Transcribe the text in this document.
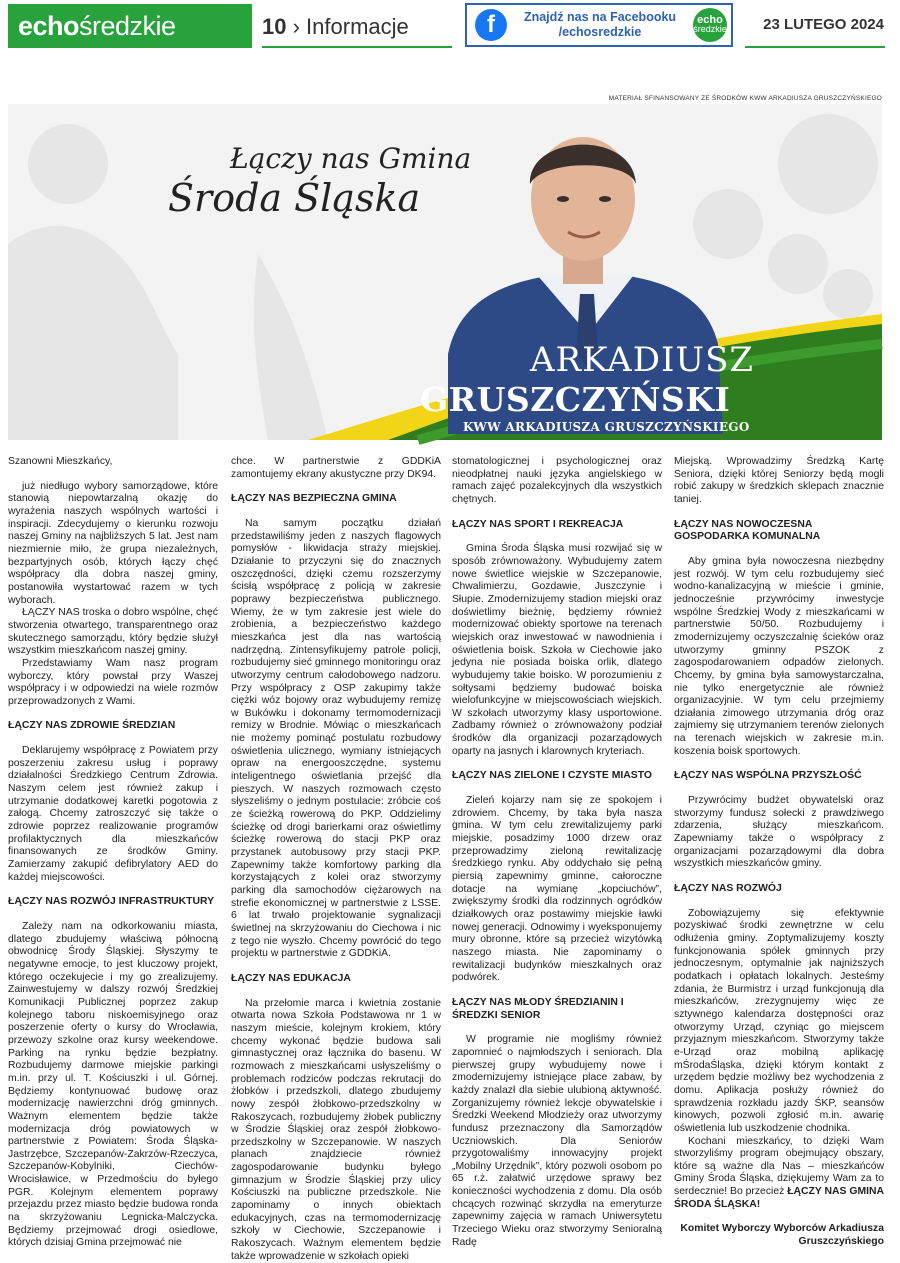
echo średzkie	10 › Informacje	f	Znajdź nas na Facebooku
/echosredzkie
echo
średzkie 23 LUTEGO 2024
MATERIAŁ SFINANSOWANY ZE ŚRODKÓW KWW ARKADIUSZA GRUSZCZYŃSKIEGO
Łączy nas Gmina
Środa Śląska
ARKADIUSZ
GRUSZCZYŃSKI
KWW ARKADIUSZA GRUSZCZYŃSKIEGO

Szanowni Mieszkańcy,

już niedługo wybory samorządowe, które stanowią niepowtarzalną okazję do wyrażenia naszych wspólnych wartości i inspiracji. Zdecydujemy o kierunku rozwoju naszej Gminy na najbliższych 5 lat. Jest nam niezmiernie miło, że grupa niezależnych, bezpartyjnych osób, których łączy chęć współpracy dla dobra naszej gminy, postanowiła wystartować razem w tych wyborach.

ŁĄCZY NAS troska o dobro wspólne, chęć stworzenia otwartego, transparentnego oraz skutecznego samorządu, który będzie służył wszystkim mieszkańcom naszej gminy.

Przedstawiamy Wam nasz program wyborczy, który powstał przy Waszej współpracy i w odpowiedzi na wiele rozmów przeprowadzonych z Wami.

ŁĄCZY NAS ZDROWIE ŚREDZIAN

Deklarujemy współpracę z Powiatem przy poszerzeniu zakresu usług i poprawy działalności Średzkiego Centrum Zdrowia. Naszym celem jest również zakup i utrzymanie dodatkowej karetki pogotowia z załogą. Chcemy zatroszczyć się także o zdrowie poprzez realizowanie programów profilaktycznych dla mieszkańców finansowanych ze środków Gminy. Zamierzamy zakupić defibrylatory AED do każdej miejscowości.

ŁĄCZY NAS ROZWÓJ INFRASTRUKTURY

Zależy nam na odkorkowaniu miasta, dlatego zbudujemy właściwą północną obwodnicę Środy Śląskiej. Słyszymy te negatywne emocje, to jest kluczowy projekt, którego oczekujecie i my go zrealizujemy. Zainwestujemy w dalszy rozwój Średzkiej Komunikacji Publicznej poprzez zakup kolejnego taboru niskoemisyjnego oraz poszerzenie oferty o kursy do Wrocławia, przewozy szkolne oraz kursy weekendowe. Parking na rynku będzie bezpłatny. Rozbudujemy darmowe miejskie parkingi m.in. przy ul. T. Kościuszki i ul. Górnej. Będziemy kontynuować budowę oraz modernizację nawierzchni dróg gminnych. Ważnym elementem będzie także modernizacja dróg powiatowych w partnerstwie z Powiatem: Środa Śląska-Jastrzębce, Szczepanów-Zakrzów-Rzeczyca, Szczepanów-Kobylniki, Ciechów-Wrocisławice, w Przedmościu do byłego PGR. Kolejnym elementem poprawy przejazdu przez miasto będzie budowa ronda na skrzyżowaniu Legnicka-Malczycka. Będziemy przejmować drogi osiedlowe, których dzisiaj Gmina przejmować nie

chce. W partnerstwie z GDDKiA zamontujemy ekrany akustyczne przy DK94.

ŁĄCZY NAS BEZPIECZNA GMINA

Na samym początku działań przedstawiliśmy jeden z naszych flagowych pomysłów - likwidacja straży miejskiej. Działanie to przyczyni się do znacznych oszczędności, dzięki czemu rozszerzymy ścisłą współpracę z policją w zakresie poprawy bezpieczeństwa publicznego. Wiemy, że w tym zakresie jest wiele do zrobienia, a bezpieczeństwo każdego mieszkańca jest dla nas wartością nadrzędną. Zintensyfikujemy patrole policji, rozbudujemy sieć gminnego monitoringu oraz utworzymy centrum całodobowego nadzoru. Przy współpracy z OSP zakupimy także ciężki wóz bojowy oraz wybudujemy remizę w Bukówku i dokonamy termomodernizacji remizy w Brodnie. Mówiąc o mieszkańcach nie możemy pominąć postulatu rozbudowy oświetlenia ulicznego, wymiany istniejących opraw na energooszczędne, systemu inteligentnego oświetlania przejść dla pieszych. W naszych rozmowach często słyszeliśmy o jednym postulacie: zróbcie coś ze ścieżką rowerową do PKP. Oddzielimy ścieżkę od drogi barierkami oraz oświetlimy ścieżkę rowerową do stacji PKP oraz przystanek autobusowy przy stacji PKP. Zapewnimy także komfortowy parking dla korzystających z kolei oraz stworzymy parking dla samochodów ciężarowych na strefie ekonomicznej w partnerstwie z LSSE. 6 lat trwało projektowanie sygnalizacji świetlnej na skrzyżowaniu do Ciechowa i nic z tego nie wyszło. Chcemy powrócić do tego projektu w partnerstwie z GDDKiA.

ŁĄCZY NAS EDUKACJA

Na przełomie marca i kwietnia zostanie otwarta nowa Szkoła Podstawowa nr 1 w naszym mieście, kolejnym krokiem, który chcemy wykonać będzie budowa sali gimnastycznej oraz łącznika do basenu. W rozmowach z mieszkańcami usłyszeliśmy o problemach rodziców podczas rekrutacji do żłobków i przedszkoli, dlatego zbudujemy nowy zespół żłobkowo-przedszkolny w Rakoszycach, rozbudujemy żłobek publiczny w Środzie Śląskiej oraz zespół żłobkowo-przedszkolny w Szczepanowie. W naszych planach znajdziecie również zagospodarowanie budynku byłego gimnazjum w Środzie Śląskiej przy ulicy Kościuszki na publiczne przedszkole. Nie zapominamy o innych obiektach edukacyjnych, czas na termomodernizację szkoły w Ciechowie, Szczepanowie i Rakoszycach. Ważnym elementem będzie także wprowadzenie w szkołach opieki

stomatologicznej i psychologicznej oraz nieodpłatnej nauki języka angielskiego w ramach zajęć pozalekcyjnych dla wszystkich chętnych.

ŁĄCZY NAS SPORT I REKREACJA

Gmina Środa Śląska musi rozwijać się w sposób zrównoważony. Wybudujemy zatem nowe świetlice wiejskie w Szczepanowie, Chwalimierzu, Gozdawie, Juszczynie i Słupie. Zmodernizujemy stadion miejski oraz doświetlimy bieżnię, będziemy również modernizować obiekty sportowe na terenach wiejskich oraz inwestować w nawodnienia i oświetlenia boisk. Szkoła w Ciechowie jako jedyna nie posiada boiska orlik, dlatego wybudujemy takie boisko. W porozumieniu z sołtysami będziemy budować boiska wielofunkcyjne w miejscowościach wiejskich. W szkołach utworzymy klasy usportowione. Zadbamy również o zrównoważony podział środków dla organizacji pozarządowych oparty na jasnych i klarownych kryteriach.

ŁĄCZY NAS ZIELONE I CZYSTE MIASTO

Zieleń kojarzy nam się ze spokojem i zdrowiem. Chcemy, by taka była nasza gmina. W tym celu zrewitalizujemy parki miejskie, posadzimy 1000 drzew oraz przeprowadzimy zieloną rewitalizację średzkiego rynku. Aby oddychało się pełną piersią zapewnimy gminne, całoroczne dotacje na wymianę „kopciuchów”, zwiększymy środki dla rodzinnych ogródków działkowych oraz postawimy miejskie ławki nowej generacji. Odnowimy i wyeksponujemy mury obronne, które są przecież wizytówką naszego miasta. Nie zapominamy o rewitalizacji budynków mieszkalnych oraz podwórek.

ŁĄCZY NAS MŁODY ŚREDZIANIN I ŚREDZKI SENIOR

W programie nie mogliśmy również zapomnieć o najmłodszych i seniorach. Dla pierwszej grupy wybudujemy nowe i zmodernizujemy istniejące place zabaw, by każdy znalazł dla siebie ulubioną aktywność. Zorganizujemy również lekcje obywatelskie i Średzki Weekend Młodzieży oraz utworzymy fundusz przeznaczony dla Samorządów Uczniowskich. Dla Seniorów przygotowaliśmy innowacyjny projekt „Mobilny Urzędnik”, który pozwoli osobom po 65 r.ż. załatwić urzędowe sprawy bez konieczności wychodzenia z domu. Dla osób chcących rozwinąć skrzydła na emeryturze zapewnimy zajęcia w ramach Uniwersytetu Trzeciego Wieku oraz stworzymy Senioralną Radę

Miejską. Wprowadzimy Średzką Kartę Seniora, dzięki której Seniorzy będą mogli robić zakupy w średzkich sklepach znacznie taniej.

ŁĄCZY NAS NOWOCZESNA GOSPODARKA KOMUNALNA

Aby gmina była nowoczesna niezbędny jest rozwój. W tym celu rozbudujemy sieć wodno-kanalizacyjną w mieście i gminie, jednocześnie przywrócimy inwestycje wspólne Średzkiej Wody z mieszkańcami w partnerstwie 50/50. Rozbudujemy i zmodernizujemy oczyszczalnię ścieków oraz utworzymy gminny PSZOK z zagospodarowaniem odpadów zielonych. Chcemy, by gmina była samowystarczalna, nie tylko energetycznie ale również organizacyjnie. W tym celu przejmiemy działania zimowego utrzymania dróg oraz zajmiemy się utrzymaniem terenów zielonych na terenach wiejskich w zakresie m.in. koszenia boisk sportowych.

ŁĄCZY NAS WSPÓLNA PRZYSZŁOŚĆ

Przywrócimy budżet obywatelski oraz stworzymy fundusz sołecki z prawdziwego zdarzenia, służący mieszkańcom. Zapewniamy także o współpracy z organizacjami pozarządowymi dla dobra wszystkich mieszkańców gminy.

ŁĄCZY NAS ROZWÓJ

Zobowiązujemy się efektywnie pozyskiwać środki zewnętrzne w celu odłużenia gminy. Zoptymalizujemy koszty funkcjonowania spółek gminnych przy jednoczesnym, optymalnie jak najniższych podatkach i opłatach lokalnych. Jesteśmy zdania, że Burmistrz i urząd funkcjonują dla mieszkańców, zrezygnujemy więc ze sztywnego kalendarza dostępności oraz otworzymy Urząd, czyniąc go miejscem przyjaznym mieszkańcom. Stworzymy także e-Urząd oraz mobilną aplikację mŚrodaŚląska, dzięki którym kontakt z urzędem będzie możliwy bez wychodzenia z domu. Aplikacja posłuży również do sprawdzenia rozkładu jazdy ŚKP, seansów kinowych, pozwoli zgłosić m.in. awarię oświetlenia lub uszkodzenie chodnika.

Kochani mieszkańcy, to dzięki Wam stworzyliśmy program obejmujący obszary, które są ważne dla Nas – mieszkańców Gminy Środa Śląska, dziękujemy Wam za to serdecznie! Bo przecież ŁĄCZY NAS GMINA ŚRODA ŚLĄSKA!

Komitet Wyborczy Wyborców Arkadiusza Gruszczyńskiego
